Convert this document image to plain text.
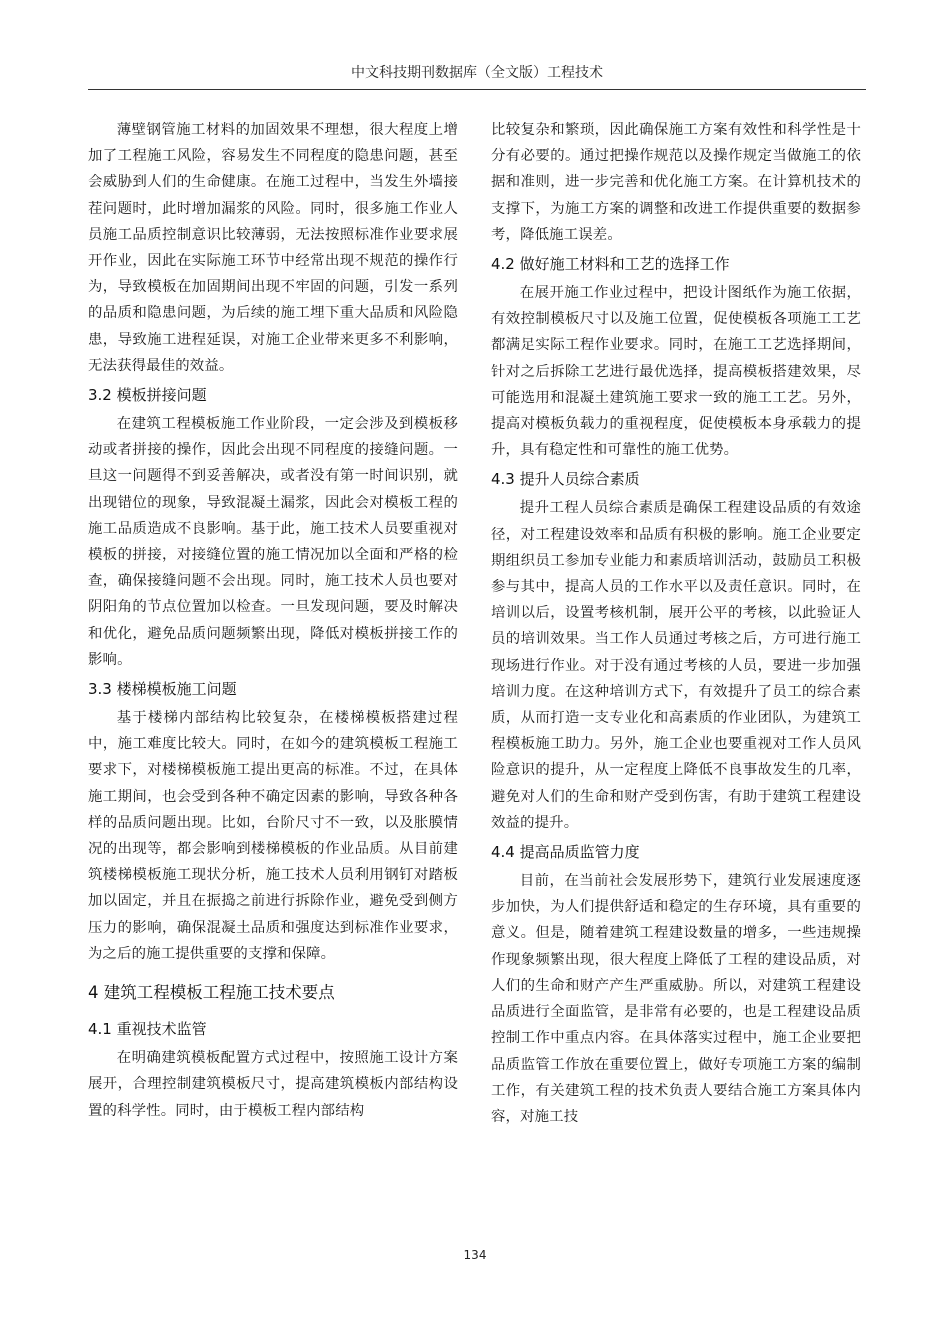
中文科技期刊数据库（全文版）工程技术

薄壁钢管施工材料的加固效果不理想，很大程度上增加了工程施工风险，容易发生不同程度的隐患问题，甚至会威胁到人们的生命健康。在施工过程中，当发生外墙接茬问题时，此时增加漏浆的风险。同时，很多施工作业人员施工品质控制意识比较薄弱，无法按照标准作业要求展开作业，因此在实际施工环节中经常出现不规范的操作行为，导致模板在加固期间出现不牢固的问题，引发一系列的品质和隐患问题，为后续的施工埋下重大品质和风险隐患，导致施工进程延误，对施工企业带来更多不利影响，无法获得最佳的效益。

3.2 模板拼接问题

在建筑工程模板施工作业阶段，一定会涉及到模板移动或者拼接的操作，因此会出现不同程度的接缝问题。一旦这一问题得不到妥善解决，或者没有第一时间识别，就出现错位的现象，导致混凝土漏浆，因此会对模板工程的施工品质造成不良影响。基于此，施工技术人员要重视对模板的拼接，对接缝位置的施工情况加以全面和严格的检查，确保接缝问题不会出现。同时，施工技术人员也要对阴阳角的节点位置加以检查。一旦发现问题，要及时解决和优化，避免品质问题频繁出现，降低对模板拼接工作的影响。

3.3 楼梯模板施工问题

基于楼梯内部结构比较复杂，在楼梯模板搭建过程中，施工难度比较大。同时，在如今的建筑模板工程施工要求下，对楼梯模板施工提出更高的标准。不过，在具体施工期间，也会受到各种不确定因素的影响，导致各种各样的品质问题出现。比如，台阶尺寸不一致，以及胀膜情况的出现等，都会影响到楼梯模板的作业品质。从目前建筑楼梯模板施工现状分析，施工技术人员利用钢钉对踏板加以固定，并且在振捣之前进行拆除作业，避免受到侧方压力的影响，确保混凝土品质和强度达到标准作业要求，为之后的施工提供重要的支撑和保障。

4 建筑工程模板工程施工技术要点
4.1 重视技术监管

在明确建筑模板配置方式过程中，按照施工设计方案展开，合理控制建筑模板尺寸，提高建筑模板内部结构设置的科学性。同时，由于模板工程内部结构

比较复杂和繁琐，因此确保施工方案有效性和科学性是十分有必要的。通过把操作规范以及操作规定当做施工的依据和准则，进一步完善和优化施工方案。在计算机技术的支撑下，为施工方案的调整和改进工作提供重要的数据参考，降低施工误差。

4.2 做好施工材料和工艺的选择工作

在展开施工作业过程中，把设计图纸作为施工依据，有效控制模板尺寸以及施工位置，促使模板各项施工工艺都满足实际工程作业要求。同时，在施工工艺选择期间，针对之后拆除工艺进行最优选择，提高模板搭建效果，尽可能选用和混凝土建筑施工要求一致的施工工艺。另外，提高对模板负载力的重视程度，促使模板本身承载力的提升，具有稳定性和可靠性的施工优势。

4.3 提升人员综合素质

提升工程人员综合素质是确保工程建设品质的有效途径，对工程建设效率和品质有积极的影响。施工企业要定期组织员工参加专业能力和素质培训活动，鼓励员工积极参与其中，提高人员的工作水平以及责任意识。同时，在培训以后，设置考核机制，展开公平的考核，以此验证人员的培训效果。当工作人员通过考核之后，方可进行施工现场进行作业。对于没有通过考核的人员，要进一步加强培训力度。在这种培训方式下，有效提升了员工的综合素质，从而打造一支专业化和高素质的作业团队，为建筑工程模板施工助力。另外，施工企业也要重视对工作人员风险意识的提升，从一定程度上降低不良事故发生的几率，避免对人们的生命和财产受到伤害，有助于建筑工程建设效益的提升。

4.4 提高品质监管力度

目前，在当前社会发展形势下，建筑行业发展速度逐步加快，为人们提供舒适和稳定的生存环境，具有重要的意义。但是，随着建筑工程建设数量的增多，一些违规操作现象频繁出现，很大程度上降低了工程的建设品质，对人们的生命和财产产生严重威胁。所以，对建筑工程建设品质进行全面监管，是非常有必要的，也是工程建设品质控制工作中重点内容。在具体落实过程中，施工企业要把品质监管工作放在重要位置上，做好专项施工方案的编制工作，有关建筑工程的技术负责人要结合施工方案具体内容，对施工技

134
